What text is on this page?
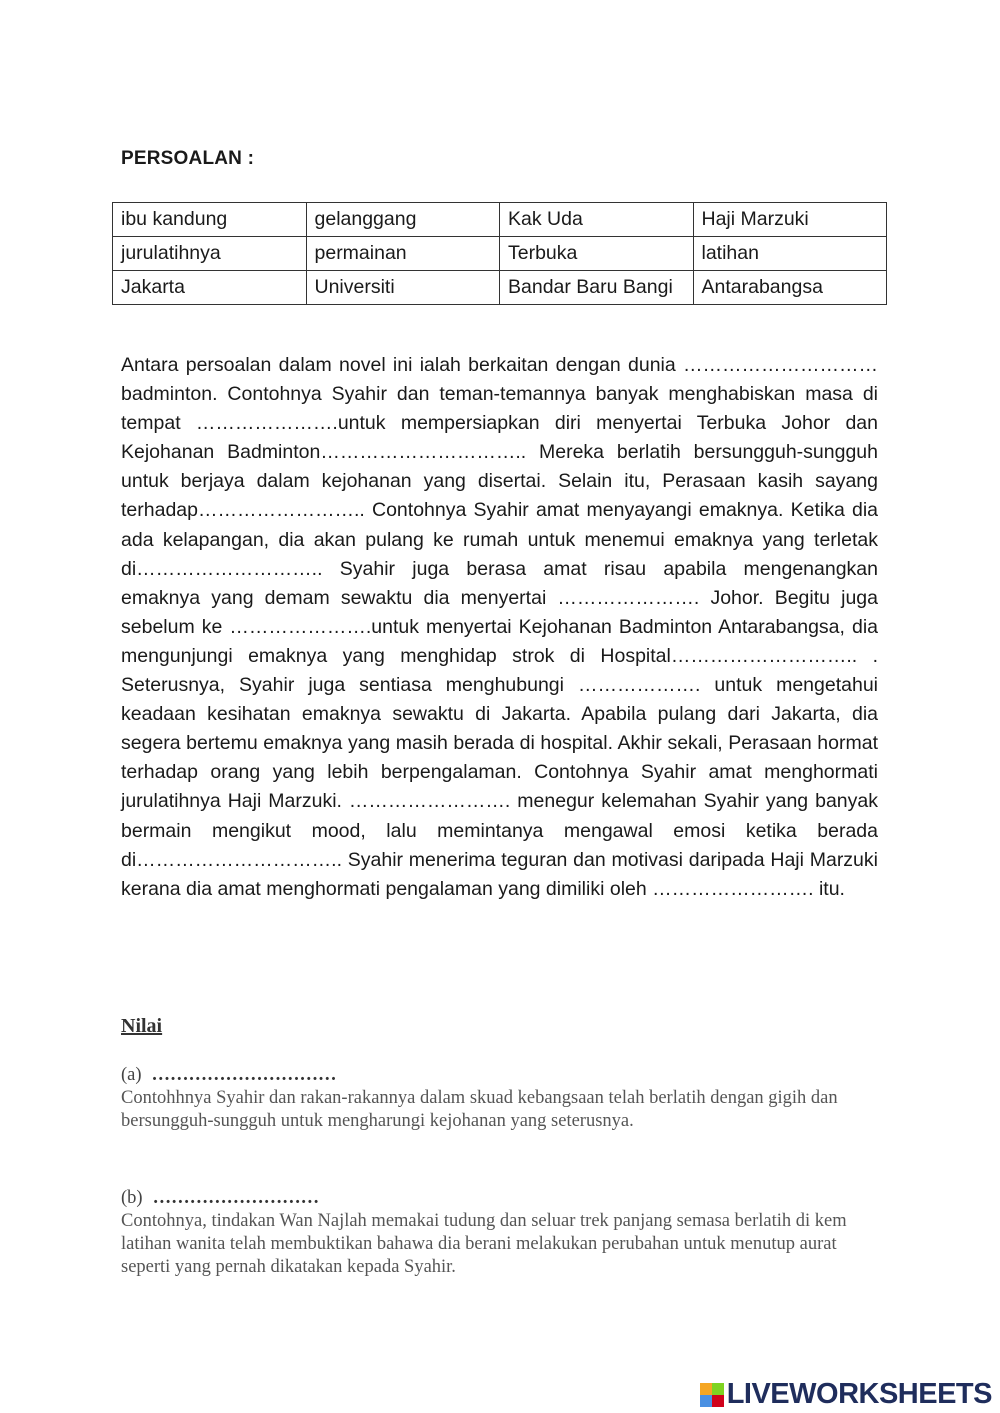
PERSOALAN :
ibu kandung	gelanggang	Kak Uda	Haji Marzuki
jurulatihnya	permainan	Terbuka	latihan
Jakarta	Universiti	Bandar Baru Bangi	Antarabangsa

Antara persoalan dalam novel ini ialah berkaitan dengan dunia ………………………… badminton. Contohnya Syahir dan teman-temannya banyak menghabiskan masa di tempat ………………….untuk mempersiapkan diri menyertai Terbuka Johor dan Kejohanan Badminton………………………….. Mereka berlatih bersungguh-sungguh untuk berjaya dalam kejohanan yang disertai. Selain itu, Perasaan kasih sayang terhadap…………………….. Contohnya Syahir amat menyayangi emaknya. Ketika dia ada kelapangan, dia akan pulang ke rumah untuk menemui emaknya yang terletak di……………………….. Syahir juga berasa amat risau apabila mengenangkan emaknya yang demam sewaktu dia menyertai …………………. Johor. Begitu juga sebelum ke ………………….untuk menyertai Kejohanan Badminton Antarabangsa, dia mengunjungi emaknya yang menghidap strok di Hospital……………………….. . Seterusnya, Syahir juga sentiasa menghubungi ………………. untuk mengetahui keadaan kesihatan emaknya sewaktu di Jakarta. Apabila pulang dari Jakarta, dia segera bertemu emaknya yang masih berada di hospital. Akhir sekali, Perasaan hormat terhadap orang yang lebih berpengalaman. Contohnya Syahir amat menghormati jurulatihnya Haji Marzuki. ……………………. menegur kelemahan Syahir yang banyak bermain mengikut mood, lalu memintanya mengawal emosi ketika berada di………………………….. Syahir menerima teguran dan motivasi daripada Haji Marzuki kerana dia amat menghormati pengalaman yang dimiliki oleh ……………………. itu.

Nilai
(a) …………………………
Contohhnya Syahir dan rakan-rakannya dalam skuad kebangsaan telah berlatih dengan gigih dan bersungguh-sungguh untuk mengharungi kejohanan yang seterusnya.
(b) ………………………
Contohnya, tindakan Wan Najlah memakai tudung dan seluar trek panjang semasa berlatih di kem latihan wanita telah membuktikan bahawa dia berani melakukan perubahan untuk menutup aurat seperti yang pernah dikatakan kepada Syahir.
LIVEWORKSHEETS
